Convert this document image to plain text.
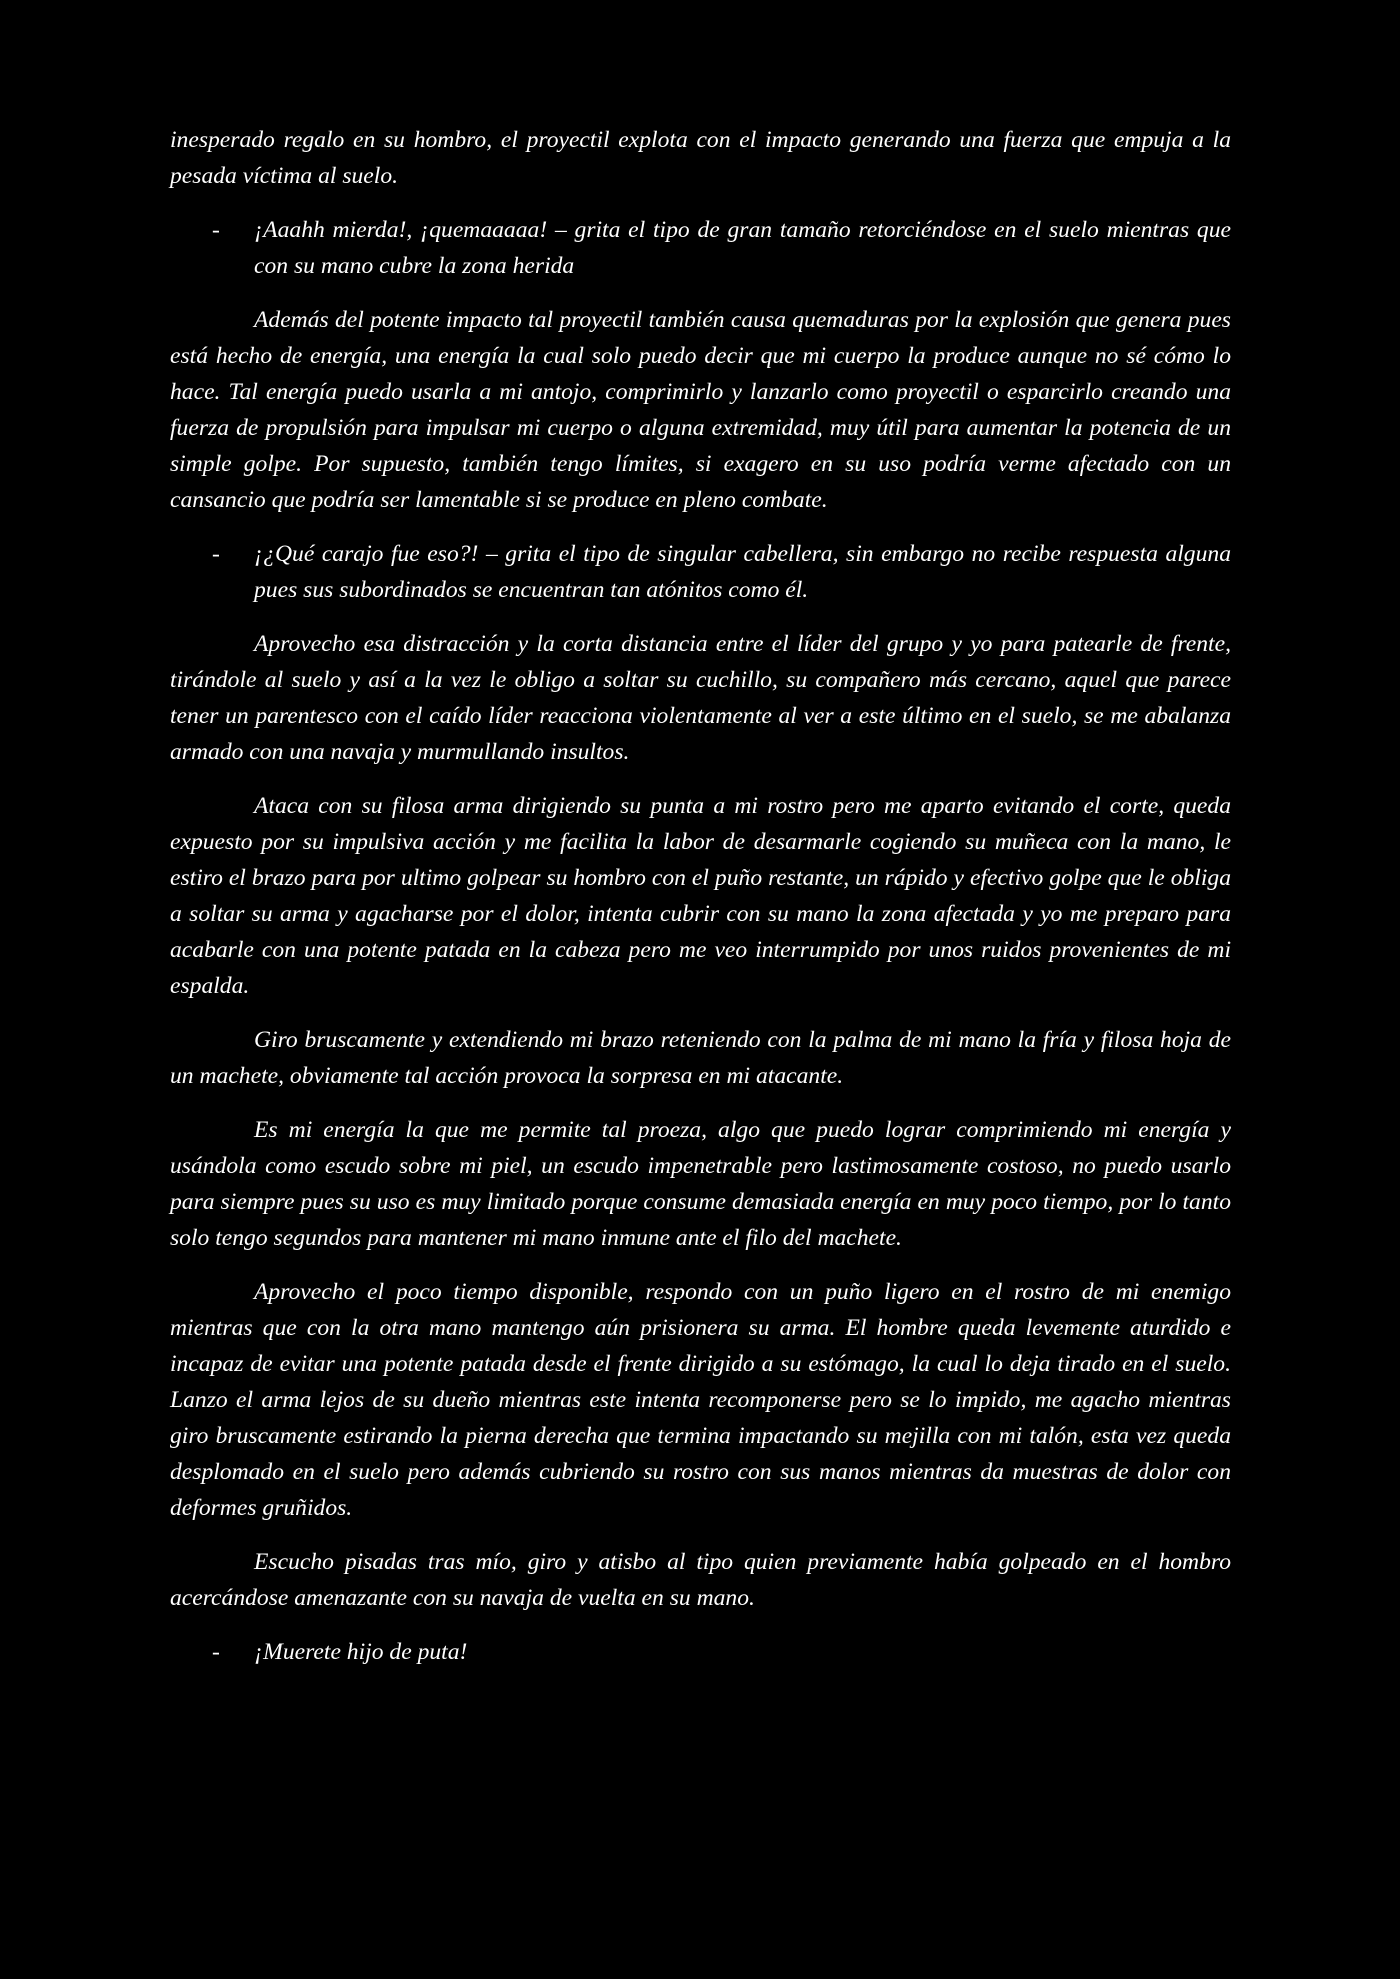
inesperado regalo en su hombro, el proyectil explota con el impacto generando una fuerza que empuja a la pesada víctima al suelo.

- ¡Aaahh mierda!, ¡quemaaaaa! – grita el tipo de gran tamaño retorciéndose en el suelo mientras que con su mano cubre la zona herida

Además del potente impacto tal proyectil también causa quemaduras por la explosión que genera pues está hecho de energía, una energía la cual solo puedo decir que mi cuerpo la produce aunque no sé cómo lo hace. Tal energía puedo usarla a mi antojo, comprimirlo y lanzarlo como proyectil o esparcirlo creando una fuerza de propulsión para impulsar mi cuerpo o alguna extremidad, muy útil para aumentar la potencia de un simple golpe. Por supuesto, también tengo límites, si exagero en su uso podría verme afectado con un cansancio que podría ser lamentable si se produce en pleno combate.

- ¡¿Qué carajo fue eso?! – grita el tipo de singular cabellera, sin embargo no recibe respuesta alguna pues sus subordinados se encuentran tan atónitos como él.

Aprovecho esa distracción y la corta distancia entre el líder del grupo y yo para patearle de frente, tirándole al suelo y así a la vez le obligo a soltar su cuchillo, su compañero más cercano, aquel que parece tener un parentesco con el caído líder reacciona violentamente al ver a este último en el suelo, se me abalanza armado con una navaja y murmullando insultos.

Ataca con su filosa arma dirigiendo su punta a mi rostro pero me aparto evitando el corte, queda expuesto por su impulsiva acción y me facilita la labor de desarmarle cogiendo su muñeca con la mano, le estiro el brazo para por ultimo golpear su hombro con el puño restante, un rápido y efectivo golpe que le obliga a soltar su arma y agacharse por el dolor, intenta cubrir con su mano la zona afectada y yo me preparo para acabarle con una potente patada en la cabeza pero me veo interrumpido por unos ruidos provenientes de mi espalda.

Giro bruscamente y extendiendo mi brazo reteniendo con la palma de mi mano la fría y filosa hoja de un machete, obviamente tal acción provoca la sorpresa en mi atacante.

Es mi energía la que me permite tal proeza, algo que puedo lograr comprimiendo mi energía y usándola como escudo sobre mi piel, un escudo impenetrable pero lastimosamente costoso, no puedo usarlo para siempre pues su uso es muy limitado porque consume demasiada energía en muy poco tiempo, por lo tanto solo tengo segundos para mantener mi mano inmune ante el filo del machete.

Aprovecho el poco tiempo disponible, respondo con un puño ligero en el rostro de mi enemigo mientras que con la otra mano mantengo aún prisionera su arma. El hombre queda levemente aturdido e incapaz de evitar una potente patada desde el frente dirigido a su estómago, la cual lo deja tirado en el suelo. Lanzo el arma lejos de su dueño mientras este intenta recomponerse pero se lo impido, me agacho mientras giro bruscamente estirando la pierna derecha que termina impactando su mejilla con mi talón, esta vez queda desplomado en el suelo pero además cubriendo su rostro con sus manos mientras da muestras de dolor con deformes gruñidos.

Escucho pisadas tras mío, giro y atisbo al tipo quien previamente había golpeado en el hombro acercándose amenazante con su navaja de vuelta en su mano.

- ¡Muerete hijo de puta!
